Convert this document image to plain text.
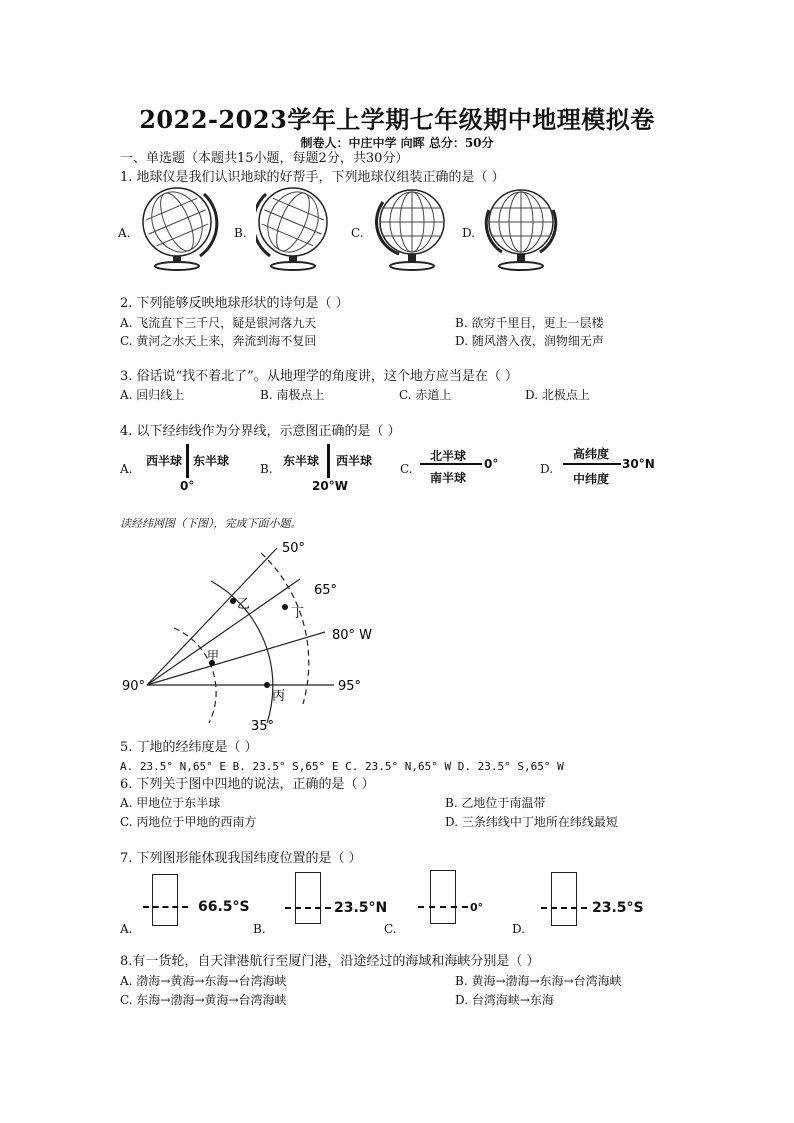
2022-2023学年上学期七年级期中地理模拟卷
制卷人：中庄中学 向晖 总分：50分
一、单选题（本题共15小题，每题2分，共30分）
1. 地球仪是我们认识地球的好帮手，下列地球仪组装正确的是（ ）
A.	B.	C.	D.
2. 下列能够反映地球形状的诗句是（ ）
A. 飞流直下三千尺，疑是银河落九天	B. 欲穷千里目，更上一层楼
C. 黄河之水天上来，奔流到海不复回	D. 随风潜入夜，润物细无声
3. 俗话说“找不着北了”。从地理学的角度讲，这个地方应当是在（ ）
A. 回归线上	B. 南极点上	C. 赤道上	D. 北极点上
4. 以下经纬线作为分界线，示意图正确的是（ ）
A.	B.	C.	D.
西半球 东半球
0°
东半球 西半球
20°W
北半球
南半球
0°
高纬度
中纬度
30°N
读经纬网图（下图），完成下面小题。
50°
65°
80° W
95°
90°
35°
乙
丁
甲
丙
5. 丁地的经纬度是（ ）
A. 23.5° N,65° E B. 23.5° S,65° E C. 23.5° N,65° W D. 23.5° S,65° W
6. 下列关于图中四地的说法，正确的是（ ）
A. 甲地位于东半球	B. 乙地位于南温带
C. 丙地位于甲地的西南方	D. 三条纬线中丁地所在纬线最短
7. 下列图形能体现我国纬度位置的是（ ）
A.	B.	C.	D.
66.5°S	23.5°N	0°	23.5°S
8.有一货轮，自天津港航行至厦门港，沿途经过的海域和海峡分别是（ ）
A. 渤海→黄海→东海→台湾海峡	B. 黄海→渤海→东海→台湾海峡
C. 东海→渤海→黄海→台湾海峡	D. 台湾海峡→东海
